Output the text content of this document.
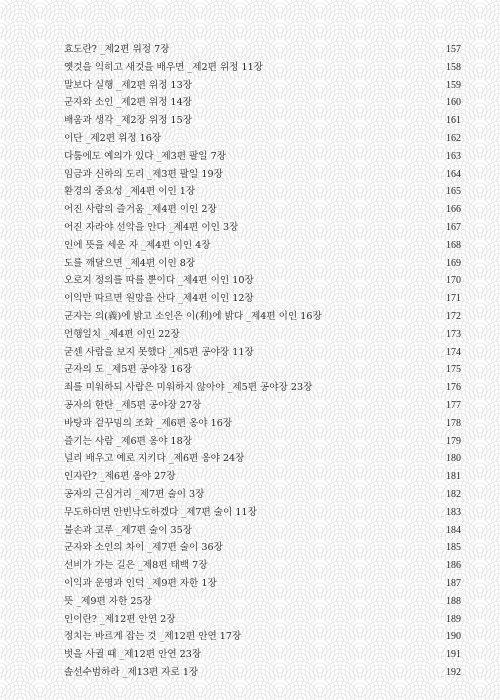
효도란? _제2편 위정 7장	157
옛것을 익히고 새것을 배우면 _제2편 위정 11장	158
말보다 실행 _제2편 위정 13장	159
군자와 소인 _제2편 위정 14장	160
배움과 생각 _제2장 위정 15장	161
이단 _제2편 위정 16장	162
다툼에도 예의가 있다 _제3편 팔일 7장	163
임금과 신하의 도리 _제3편 팔일 19장	164
환경의 중요성 _제4편 이인 1장	165
어진 사람의 즐거움 _제4편 이인 2장	166
어진 자라야 선악을 안다 _제4편 이인 3장	167
인에 뜻을 세운 자 _제4편 이인 4장	168
도를 깨달으면 _제4편 이인 8장	169
오로지 정의를 따를 뿐이다 _제4편 이인 10장	170
이익만 따르면 원망을 산다 _제4편 이인 12장	171
군자는 의(義)에 밝고 소인은 이(利)에 밝다 _제4편 이인 16장	172
언행일치 _제4편 이인 22장	173
굳센 사람을 보지 못했다 _제5편 공야장 11장	174
군자의 도 _제5편 공야장 16장	175
죄를 미워하되 사람은 미워하지 않아야 _제5편 공야장 23장	176
공자의 한탄 _제5편 공야장 27장	177
바탕과 겉꾸밈의 조화 _제6편 옹야 16장	178
즐기는 사람 _제6편 옹야 18장	179
널리 배우고 예로 지키다 _제6편 옹야 24장	180
인자란? _제6편 옹야 27장	181
공자의 근심거리 _제7편 술이 3장	182
무도하더면 안빈낙도하겠다 _제7편 술이 11장	183
불손과 고루 _제7편 술이 35장	184
군자와 소인의 차이 _제7편 술이 36장	185
선비가 가는 길은 _제8편 태백 7장	186
이익과 운명과 인덕 _제9편 자한 1장	187
뜻 _제9편 자한 25장	188
인이란? _제12편 안연 2장	189
정치는 바르게 잡는 것 _제12편 안연 17장	190
벗을 사귈 때 _제12편 안연 23장	191
솔선수범하라 _제13편 자로 1장	192
